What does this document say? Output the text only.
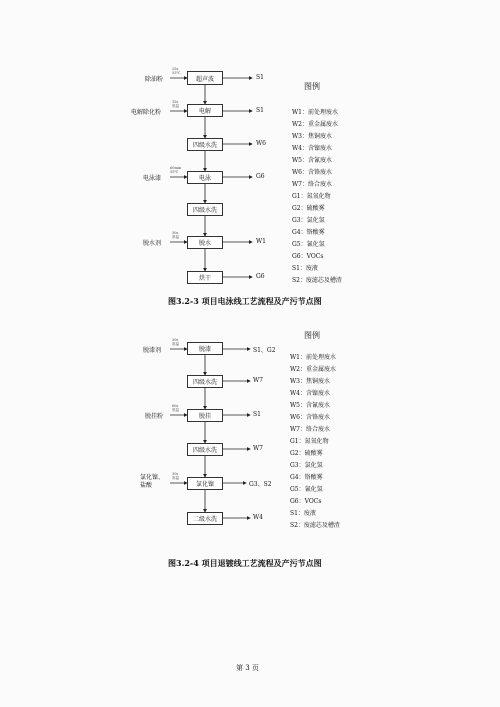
超声波
电解
四级水洗
电泳
四级水洗
脱水
烘干
除油粉
电解除化粉
电泳漆
脱水剂
25s
55℃
15s
常温
60min
55℃
30s
常温
S1
S1
W6
G6
W1
G6
图例
W1：前处理废水
W2：重金属废水
W3：焦铜废水
W4：含镍废水
W5：含氰废水
W6：含铬废水
W7：络合废水
G1：氮氧化物
G2：硫酸雾
G3：氯化氢
G4：铬酸雾
G5：氰化氢
G6：VOCs
S1：废液
S2：废滤芯及槽渣
图3.2-3 项目电泳线工艺流程及产污节点图
脱漆
四级水洗
脱挂
四级水洗
氯化镍
二级水洗
脱漆剂
脱挂粉
氯化镍、盐酸
30s
常温
60s
常温
30s
常温
S1、G2
W7
S1
W7
G3、S2
W4
图例
W1：前处理废水
W2：重金属废水
W3：焦铜废水
W4：含镍废水
W5：含氰废水
W6：含铬废水
W7：络合废水
G1：氮氧化物
G2：硫酸雾
G3：氯化氢
G4：铬酸雾
G5：氰化氢
G6：VOCs
S1：废液
S2：废滤芯及槽渣
图3.2-4 项目退镀线工艺流程及产污节点图
第 3 页
